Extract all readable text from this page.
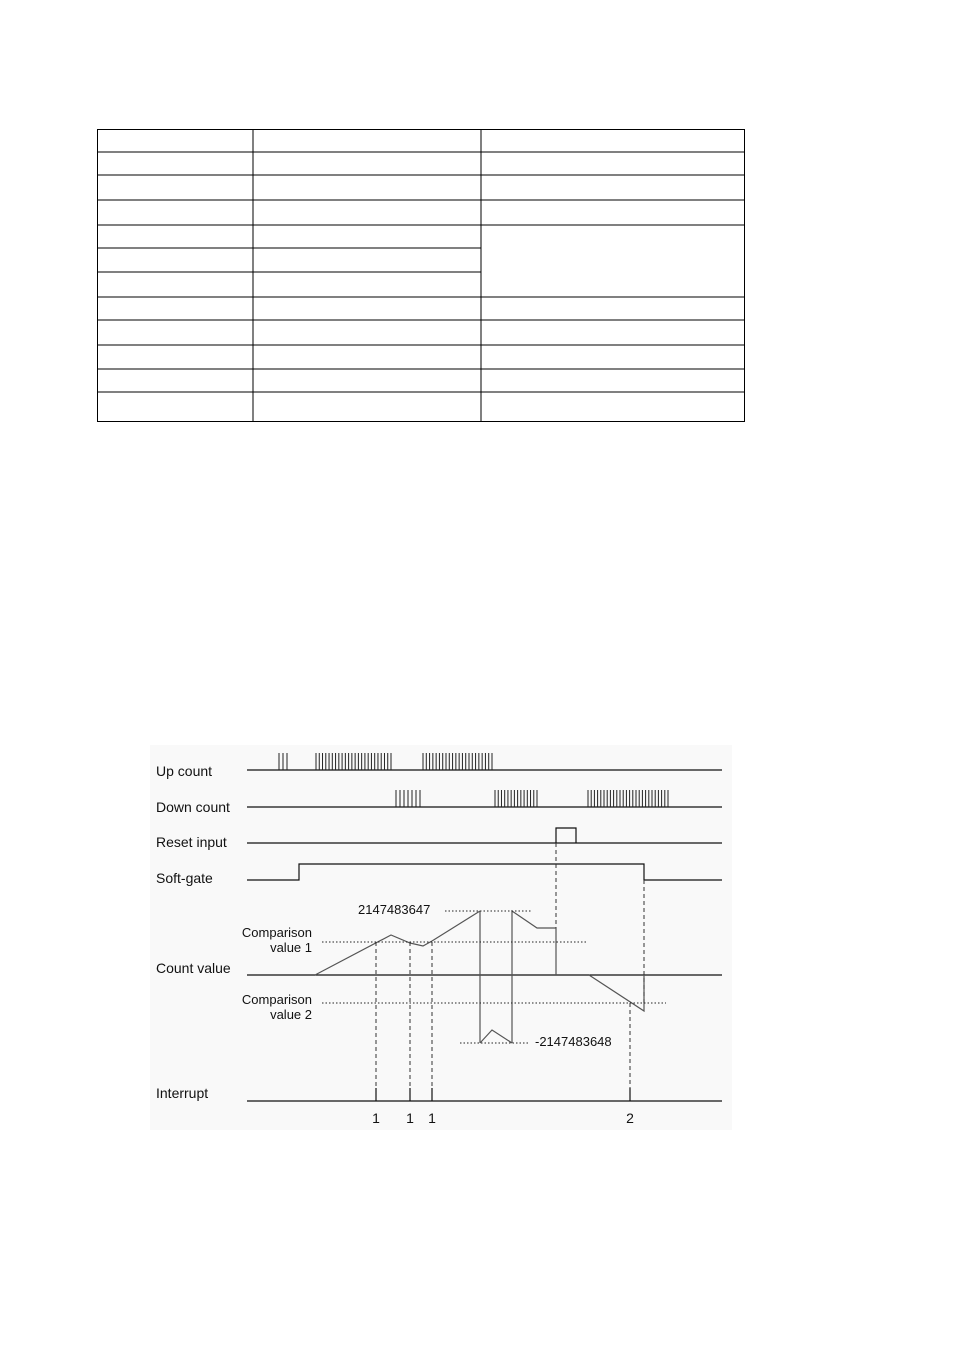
Up count
Down count
Reset input
Soft-gate
Count value
Interrupt
Comparison
value 1
Comparison
value 2
2147483647
-2147483648
1 1 1	2
